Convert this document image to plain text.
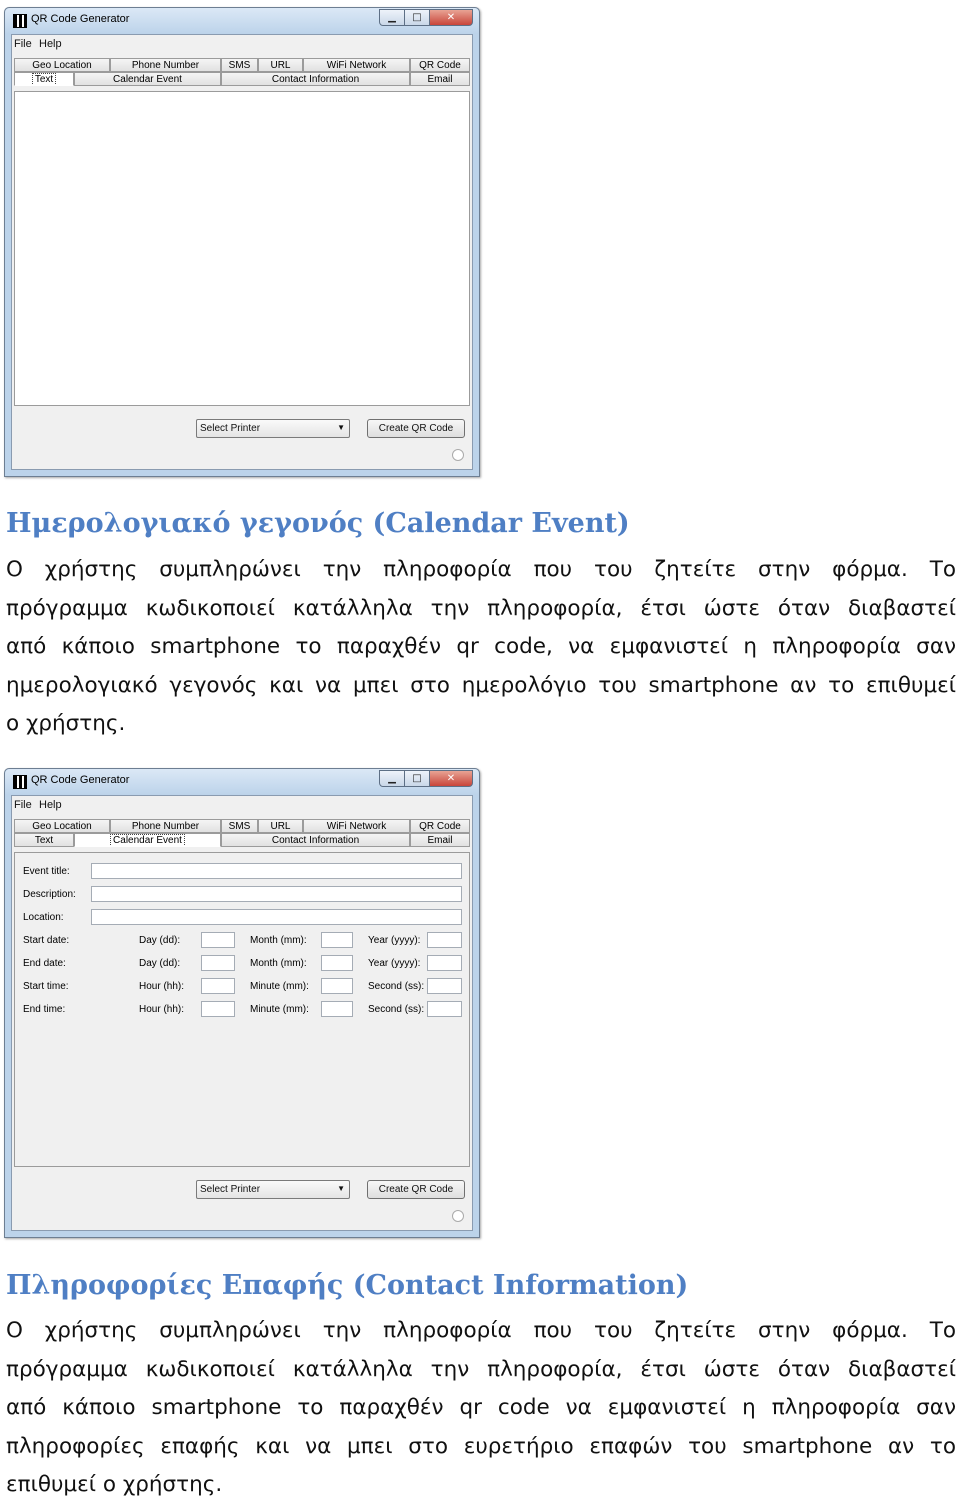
QR Code Generator	▁	□	✕
File Help
Geo Location	Phone Number	SMS	URL	WiFi Network	QR Code
Text	Calendar Event	Contact Information	Email
Select Printer	▼	Create QR Code
Ημερολογιακό γεγονός (Calendar Event)
Ο χρήστης συμπληρώνει την πληροφορία που του ζητείτε στην φόρμα. Το
πρόγραμμα κωδικοποιεί κατάλληλα την πληροφορία, έτσι ώστε όταν διαβαστεί
από κάποιο smartphone το παραχθέν qr code, να εμφανιστεί η πληροφορία σαν
ημερολογιακό γεγονός και να μπει στο ημερολόγιο του smartphone αν το επιθυμεί
ο χρήστης.
QR Code Generator	▁	□	✕
File Help
Geo Location	Phone Number	SMS	URL	WiFi Network	QR Code
Text	Calendar Event	Contact Information	Email
Event title:
Description:
Location:
Start date:	Day (dd):	Month (mm):	Year (yyyy):
End date:	Day (dd):	Month (mm):	Year (yyyy):
Start time:	Hour (hh):	Minute (mm):	Second (ss):
End time:	Hour (hh):	Minute (mm):	Second (ss):
Select Printer	▼	Create QR Code
Πληροφορίες Επαφής (Contact Information)
Ο χρήστης συμπληρώνει την πληροφορία που του ζητείτε στην φόρμα. Το
πρόγραμμα κωδικοποιεί κατάλληλα την πληροφορία, έτσι ώστε όταν διαβαστεί
από κάποιο smartphone το παραχθέν qr code να εμφανιστεί η πληροφορία σαν
πληροφορίες επαφής και να μπει στο ευρετήριο επαφών του smartphone αν το
επιθυμεί ο χρήστης.
